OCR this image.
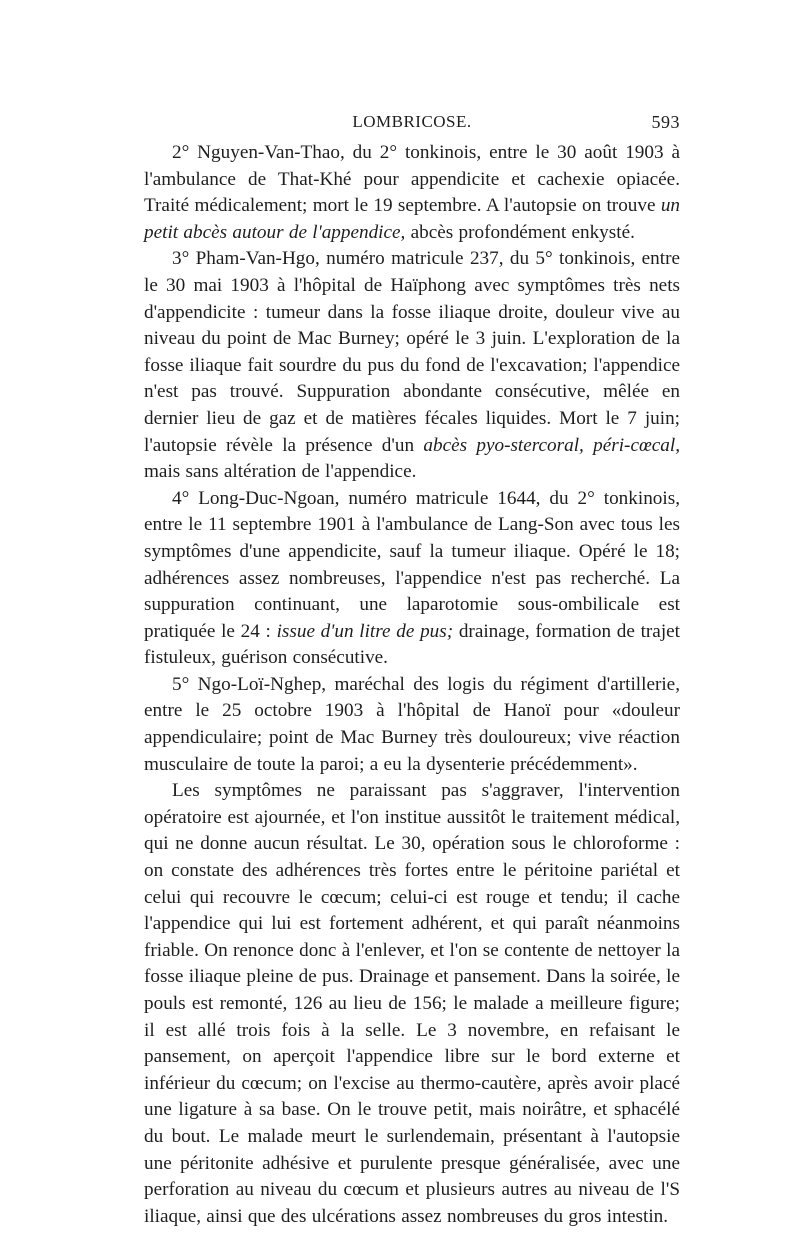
LOMBRICOSE.	593

2° Nguyen-Van-Thao, du 2° tonkinois, entre le 30 août 1903 à l'ambulance de That-Khé pour appendicite et cachexie opiacée. Traité médicalement; mort le 19 septembre. A l'autopsie on trouve un petit abcès autour de l'appendice, abcès profondément enkysté.

3° Pham-Van-Hgo, numéro matricule 237, du 5° tonkinois, entre le 30 mai 1903 à l'hôpital de Haïphong avec symptômes très nets d'appendicite : tumeur dans la fosse iliaque droite, douleur vive au niveau du point de Mac Burney; opéré le 3 juin. L'exploration de la fosse iliaque fait sourdre du pus du fond de l'excavation; l'appendice n'est pas trouvé. Suppuration abondante consécutive, mêlée en dernier lieu de gaz et de matières fécales liquides. Mort le 7 juin; l'autopsie révèle la présence d'un abcès pyo-stercoral, péri-cœcal, mais sans altération de l'appendice.

4° Long-Duc-Ngoan, numéro matricule 1644, du 2° tonkinois, entre le 11 septembre 1901 à l'ambulance de Lang-Son avec tous les symptômes d'une appendicite, sauf la tumeur iliaque. Opéré le 18; adhérences assez nombreuses, l'appendice n'est pas recherché. La suppuration continuant, une laparotomie sous-ombilicale est pratiquée le 24 : issue d'un litre de pus; drainage, formation de trajet fistuleux, guérison consécutive.

5° Ngo-Loï-Nghep, maréchal des logis du régiment d'artillerie, entre le 25 octobre 1903 à l'hôpital de Hanoï pour «douleur appendiculaire; point de Mac Burney très douloureux; vive réaction musculaire de toute la paroi; a eu la dysenterie précédemment».

Les symptômes ne paraissant pas s'aggraver, l'intervention opératoire est ajournée, et l'on institue aussitôt le traitement médical, qui ne donne aucun résultat. Le 30, opération sous le chloroforme : on constate des adhérences très fortes entre le péritoine pariétal et celui qui recouvre le cœcum; celui-ci est rouge et tendu; il cache l'appendice qui lui est fortement adhérent, et qui paraît néanmoins friable. On renonce donc à l'enlever, et l'on se contente de nettoyer la fosse iliaque pleine de pus. Drainage et pansement. Dans la soirée, le pouls est remonté, 126 au lieu de 156; le malade a meilleure figure; il est allé trois fois à la selle. Le 3 novembre, en refaisant le pansement, on aperçoit l'appendice libre sur le bord externe et inférieur du cœcum; on l'excise au thermo-cautère, après avoir placé une ligature à sa base. On le trouve petit, mais noirâtre, et sphacélé du bout. Le malade meurt le surlendemain, présentant à l'autopsie une péritonite adhésive et purulente presque généralisée, avec une perforation au niveau du cœcum et plusieurs autres au niveau de l'S iliaque, ainsi que des ulcérations assez nombreuses du gros intestin.
